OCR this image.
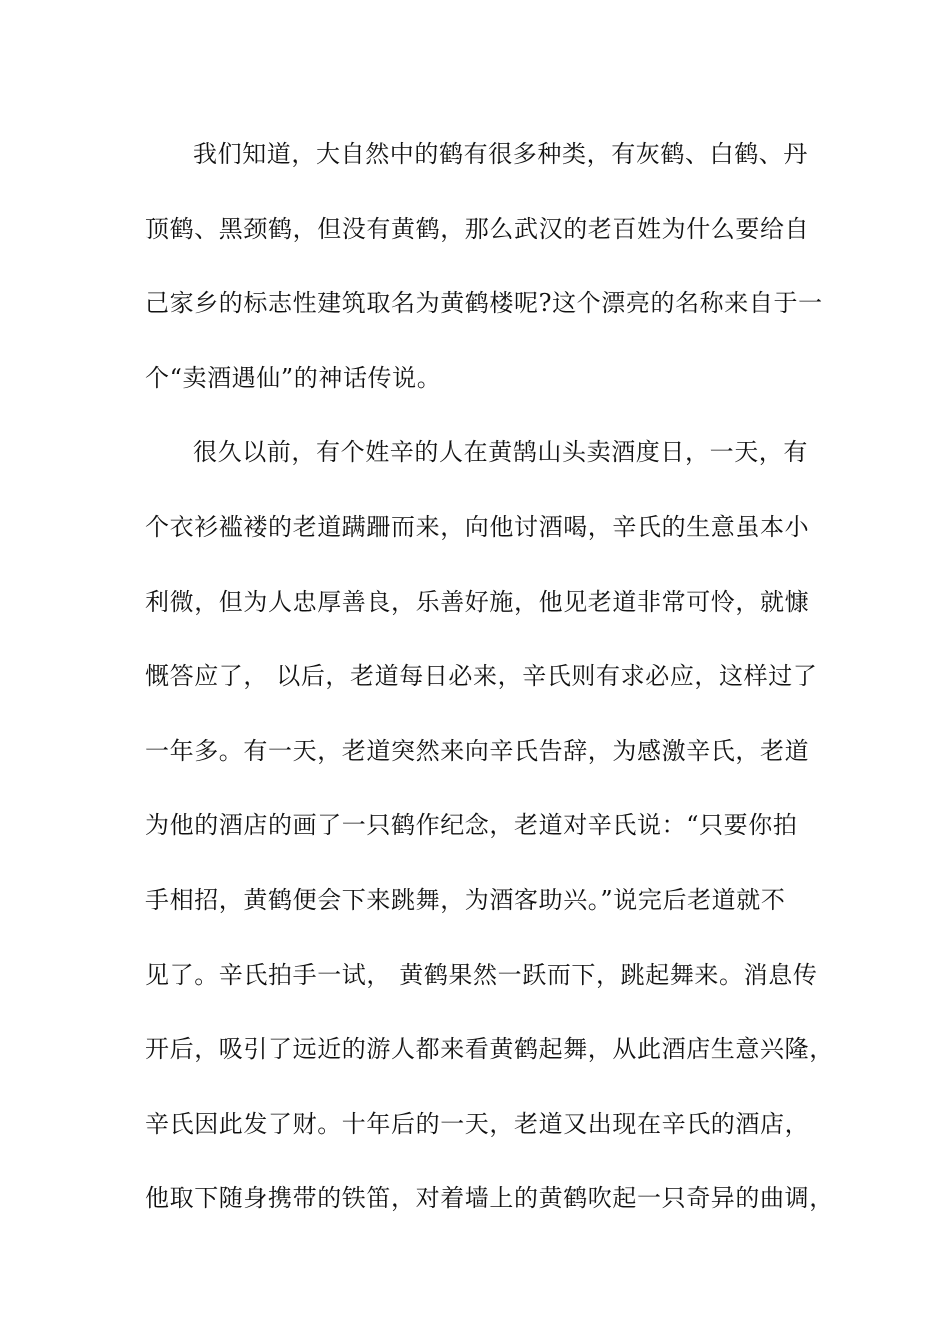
我们知道，大自然中的鹤有很多种类，有灰鹤、白鹤、丹
顶鹤、黑颈鹤，但没有黄鹤，那么武汉的老百姓为什么要给自
己家乡的标志性建筑取名为黄鹤楼呢?这个漂亮的名称来自于一
个“卖酒遇仙”的神话传说。
很久以前，有个姓辛的人在黄鹄山头卖酒度日，一天，有
个衣衫褴褛的老道蹒跚而来，向他讨酒喝，辛氏的生意虽本小
利微，但为人忠厚善良，乐善好施，他见老道非常可怜，就慷
慨答应了， 以后，老道每日必来，辛氏则有求必应，这样过了
一年多。有一天，老道突然来向辛氏告辞，为感激辛氏，老道
为他的酒店的画了一只鹤作纪念，老道对辛氏说：“只要你拍
手相招，黄鹤便会下来跳舞，为酒客助兴。”说完后老道就不
见了。辛氏拍手一试， 黄鹤果然一跃而下，跳起舞来。消息传
开后，吸引了远近的游人都来看黄鹤起舞，从此酒店生意兴隆，
辛氏因此发了财。十年后的一天，老道又出现在辛氏的酒店，
他取下随身携带的铁笛，对着墙上的黄鹤吹起一只奇异的曲调，
